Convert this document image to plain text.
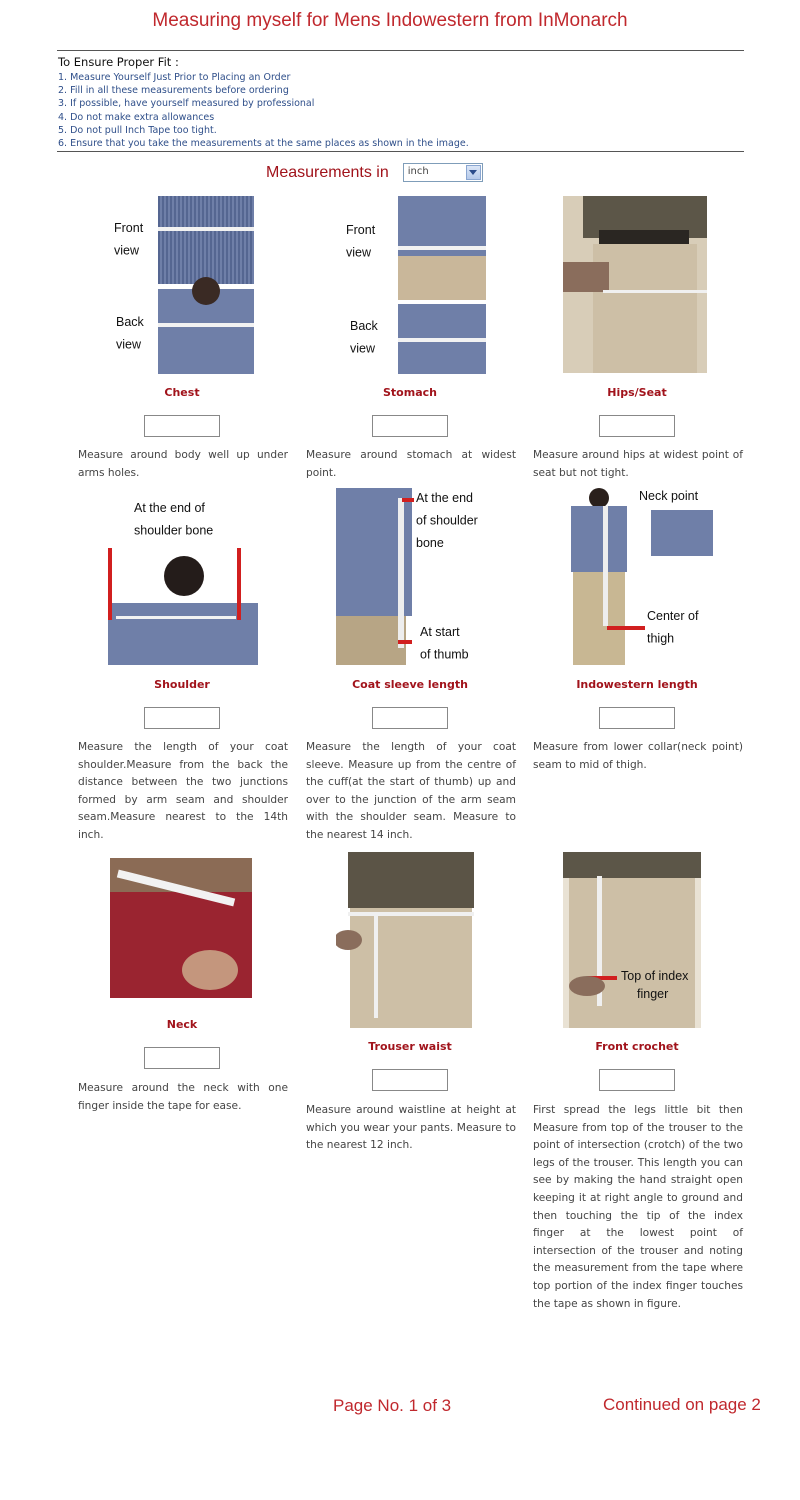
Measuring myself for Mens Indowestern from InMonarch
To Ensure Proper Fit :
1. Measure Yourself Just Prior to Placing an Order
2. Fill in all these measurements before ordering
3. If possible, have yourself measured by professional
4. Do not make extra allowances
5. Do not pull Inch Tape too tight.
6. Ensure that you take the measurements at the same places as shown in the image.
Measurements in	inch
Front view
Back view
Chest
Measure around body well up under arms holes.
Front view
Back view
Stomach
Measure around stomach at widest point.
Hips/Seat
Measure around hips at widest point of seat but not tight.
At the end of shoulder bone
Shoulder
Measure the length of your coat shoulder.Measure from the back the distance between the two junctions formed by arm seam and shoulder seam.Measure nearest to the 14th inch.
At the end of shoulder bone
At start of thumb
Coat sleeve length
Measure the length of your coat sleeve. Measure up from the centre of the cuff(at the start of thumb) up and over to the junction of the arm seam with the shoulder seam. Measure to the nearest 14 inch.
Neck point
Center of thigh
Indowestern length
Measure from lower collar(neck point) seam to mid of thigh.
Neck
Measure around the neck with one finger inside the tape for ease.
Trouser waist
Measure around waistline at height at which you wear your pants. Measure to the nearest 12 inch.
Top of index
finger
Front crochet
First spread the legs little bit then Measure from top of the trouser to the point of intersection (crotch) of the two legs of the trouser. This length you can see by making the hand straight open keeping it at right angle to ground and then touching the tip of the index finger at the lowest point of intersection of the trouser and noting the measurement from the tape where top portion of the index finger touches the tape as shown in figure.
Page No. 1 of 3	Continued on page 2
